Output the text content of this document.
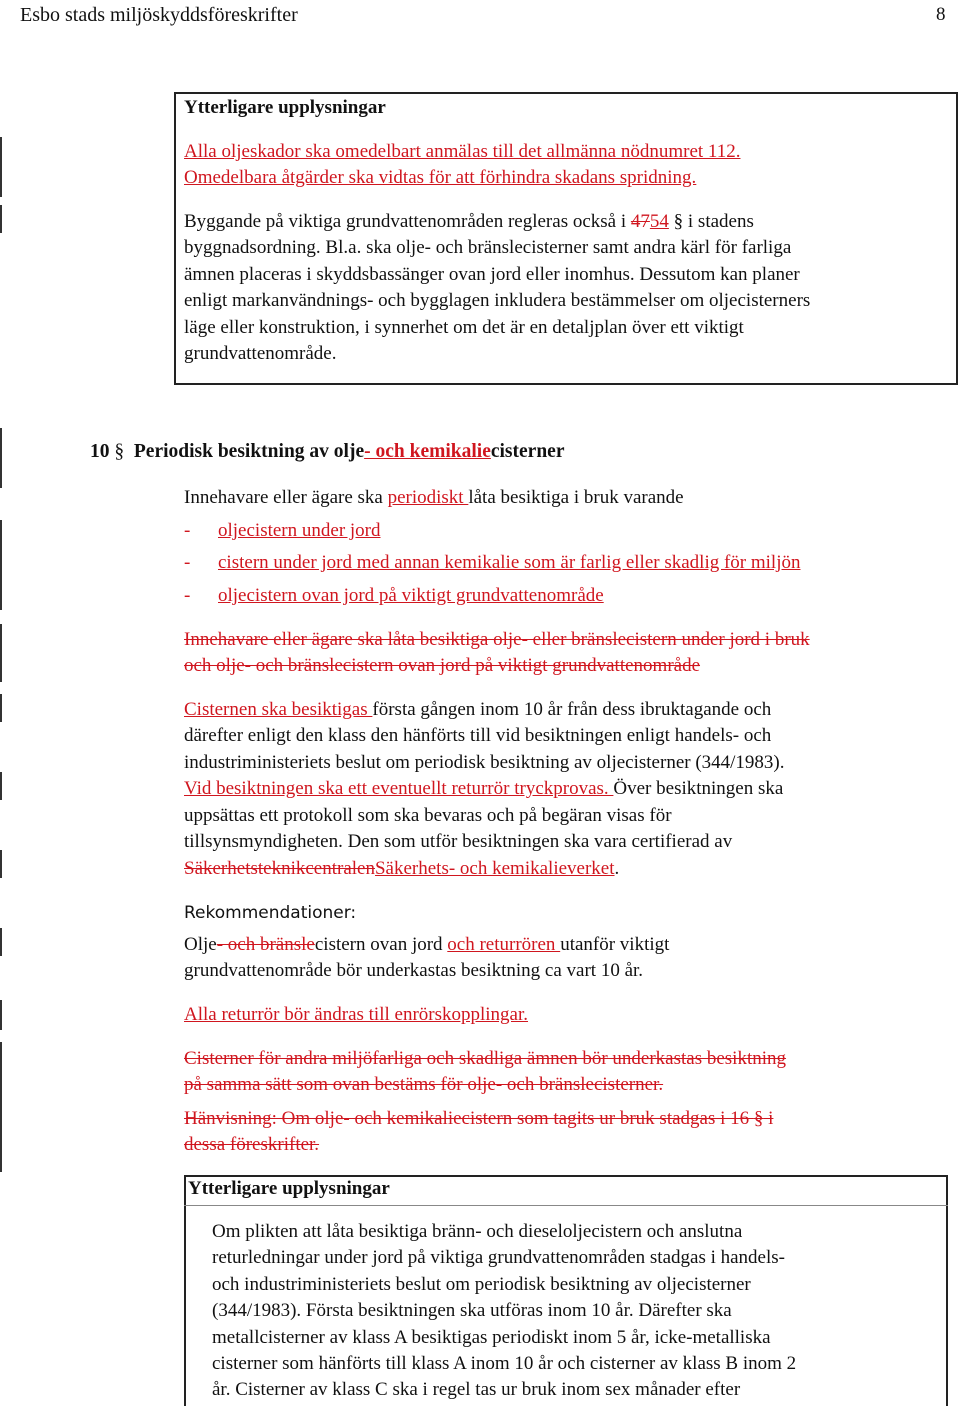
Esbo stads miljöskyddsföreskrifter	8
Ytterligare upplysningar
Alla oljeskador ska omedelbart anmälas till det allmänna nödnumret 112.
Omedelbara åtgärder ska vidtas för att förhindra skadans spridning.
Byggande på viktiga grundvattenområden regleras också i 4754 § i stadens
byggnadsordning. Bl.a. ska olje- och bränslecisterner samt andra kärl för farliga
ämnen placeras i skyddsbassänger ovan jord eller inomhus. Dessutom kan planer
enligt markanvändnings- och bygglagen inkludera bestämmelser om oljecisterners
läge eller konstruktion, i synnerhet om det är en detaljplan över ett viktigt
grundvattenområde.
10 § Periodisk besiktning av olje- och kemikaliecisterner
Innehavare eller ägare ska periodiskt låta besiktiga i bruk varande
- oljecistern under jord
- cistern under jord med annan kemikalie som är farlig eller skadlig för miljön
- oljecistern ovan jord på viktigt grundvattenområde
Innehavare eller ägare ska låta besiktiga olje- eller bränslecistern under jord i bruk
och olje- och bränslecistern ovan jord på viktigt grundvattenområde
Cisternen ska besiktigas första gången inom 10 år från dess ibruktagande och
därefter enligt den klass den hänförts till vid besiktningen enligt handels- och
industriministeriets beslut om periodisk besiktning av oljecisterner (344/1983).
Vid besiktningen ska ett eventuellt returrör tryckprovas. Över besiktningen ska
uppsättas ett protokoll som ska bevaras och på begäran visas för
tillsynsmyndigheten. Den som utför besiktningen ska vara certifierad av
SäkerhetsteknikcentralenSäkerhets- och kemikalieverket.
Rekommendationer:
Olje- och bränslecistern ovan jord och returrören utanför viktigt
grundvattenområde bör underkastas besiktning ca vart 10 år.
Alla returrör bör ändras till enrörskopplingar.
Cisterner för andra miljöfarliga och skadliga ämnen bör underkastas besiktning
på samma sätt som ovan bestäms för olje- och bränslecisterner.
Hänvisning: Om olje- och kemikaliecistern som tagits ur bruk stadgas i 16 § i
dessa föreskrifter.
Ytterligare upplysningar
Om plikten att låta besiktiga bränn- och dieseloljecistern och anslutna
returledningar under jord på viktiga grundvattenområden stadgas i handels-
och industriministeriets beslut om periodisk besiktning av oljecisterner
(344/1983). Första besiktningen ska utföras inom 10 år. Därefter ska
metallcisterner av klass A besiktigas periodiskt inom 5 år, icke-metalliska
cisterner som hänförts till klass A inom 10 år och cisterner av klass B inom 2
år. Cisterner av klass C ska i regel tas ur bruk inom sex månader efter
